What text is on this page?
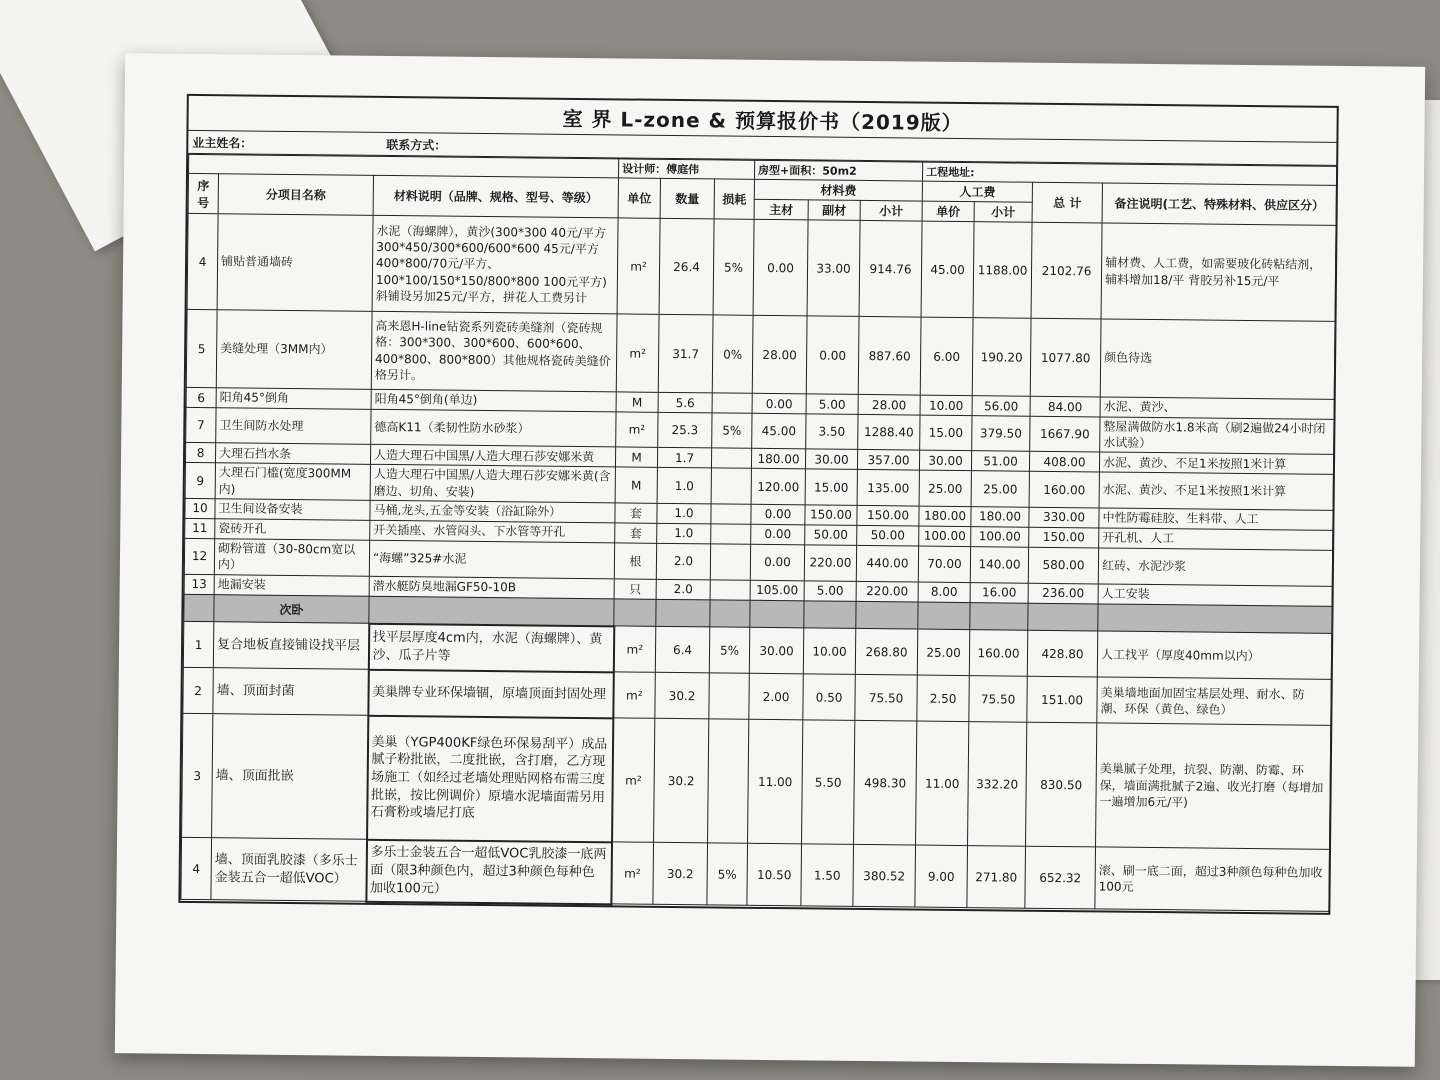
室 界 L-zone & 预算报价书（2019版）
业主姓名：	联系方式：
			设计师：傅庭伟			房型+面积：50m2			工程地址:			
序号	分项目名称	材料说明（品牌、规格、型号、等级）	单位	数量	损耗	材料费			人工费		总 计	备注说明(工艺、特殊材料、供应区分）
						主材	副材	小计	单价	小计		
4	铺贴普通墙砖	水泥（海螺牌），黄沙(300*300 40元/平方300*450/300*600/600*600 45元/平方400*800/70元/平方、100*100/150*150/800*800 100元平方)斜铺设另加25元/平方，拼花人工费另计	m²	26.4	5%	0.00	33.00	914.76	45.00	1188.00	2102.76	辅材费、人工费，如需要玻化砖粘结剂，辅料增加18/平 背胶另补15元/平
5	美缝处理（3MM内）	高来恩H-line钻瓷系列瓷砖美缝剂（瓷砖规格：300*300、300*600、600*600、400*800、800*800）其他规格瓷砖美缝价格另计。	m²	31.7	0%	28.00	0.00	887.60	6.00	190.20	1077.80	颜色待选
6	阳角45°倒角	阳角45°倒角(单边)	M	5.6		0.00	5.00	28.00	10.00	56.00	84.00	水泥、黄沙、
7	卫生间防水处理	德高K11（柔韧性防水砂浆）	m²	25.3	5%	45.00	3.50	1288.40	15.00	379.50	1667.90	整屋满做防水1.8米高（刷2遍做24小时闭水试验）
8	大理石挡水条	人造大理石中国黑/人造大理石莎安娜米黄	M	1.7		180.00	30.00	357.00	30.00	51.00	408.00	水泥、黄沙、不足1米按照1米计算
9	大理石门槛(宽度300MM内)	人造大理石中国黑/人造大理石莎安娜米黄(含磨边、切角、安装)	M	1.0		120.00	15.00	135.00	25.00	25.00	160.00	水泥、黄沙、不足1米按照1米计算
10	卫生间设备安装	马桶,龙头,五金等安装（浴缸除外）	套	1.0		0.00	150.00	150.00	180.00	180.00	330.00	中性防霉硅胶、生料带、人工
11	瓷砖开孔	开关插座、水管闷头、下水管等开孔	套	1.0		0.00	50.00	50.00	100.00	100.00	150.00	开孔机、人工
12	砌粉管道（30-80cm宽以内）	“海螺”325#水泥	根	2.0		0.00	220.00	440.00	70.00	140.00	580.00	红砖、水泥沙浆
13	地漏安装	潜水艇防臭地漏GF50-10B	只	2.0		105.00	5.00	220.00	8.00	16.00	236.00	人工安装
	次卧											
1	复合地板直接铺设找平层	找平层厚度4cm内，水泥（海螺牌）、黄沙、瓜子片等	m²	6.4	5%	30.00	10.00	268.80	25.00	160.00	428.80	人工找平（厚度40mm以内）
2	墙、顶面封菌	美巢牌专业环保墙锢，原墙顶面封固处理	m²	30.2		2.00	0.50	75.50	2.50	75.50	151.00	美巢墙地面加固宝基层处理、耐水、防潮、环保（黄色、绿色）
3	墙、顶面批嵌	美巢（YGP400KF绿色环保易刮平）成品腻子粉批嵌，二度批嵌，含打磨，乙方现场施工（如经过老墙处理贴网格布需三度批嵌，按比例调价）原墙水泥墙面需另用石膏粉或墙尼打底	m²	30.2		11.00	5.50	498.30	11.00	332.20	830.50	美巢腻子处理，抗裂、防潮、防霉、环保，墙面满批腻子2遍、收光打磨（每增加一遍增加6元/平)
4	墙、顶面乳胶漆（多乐士金装五合一超低VOC）	多乐士金装五合一超低VOC乳胶漆一底两面（限3种颜色内，超过3种颜色每种色加收100元）	m²	30.2	5%	10.50	1.50	380.52	9.00	271.80	652.32	滚、刷一底二面，超过3种颜色每种色加收100元
